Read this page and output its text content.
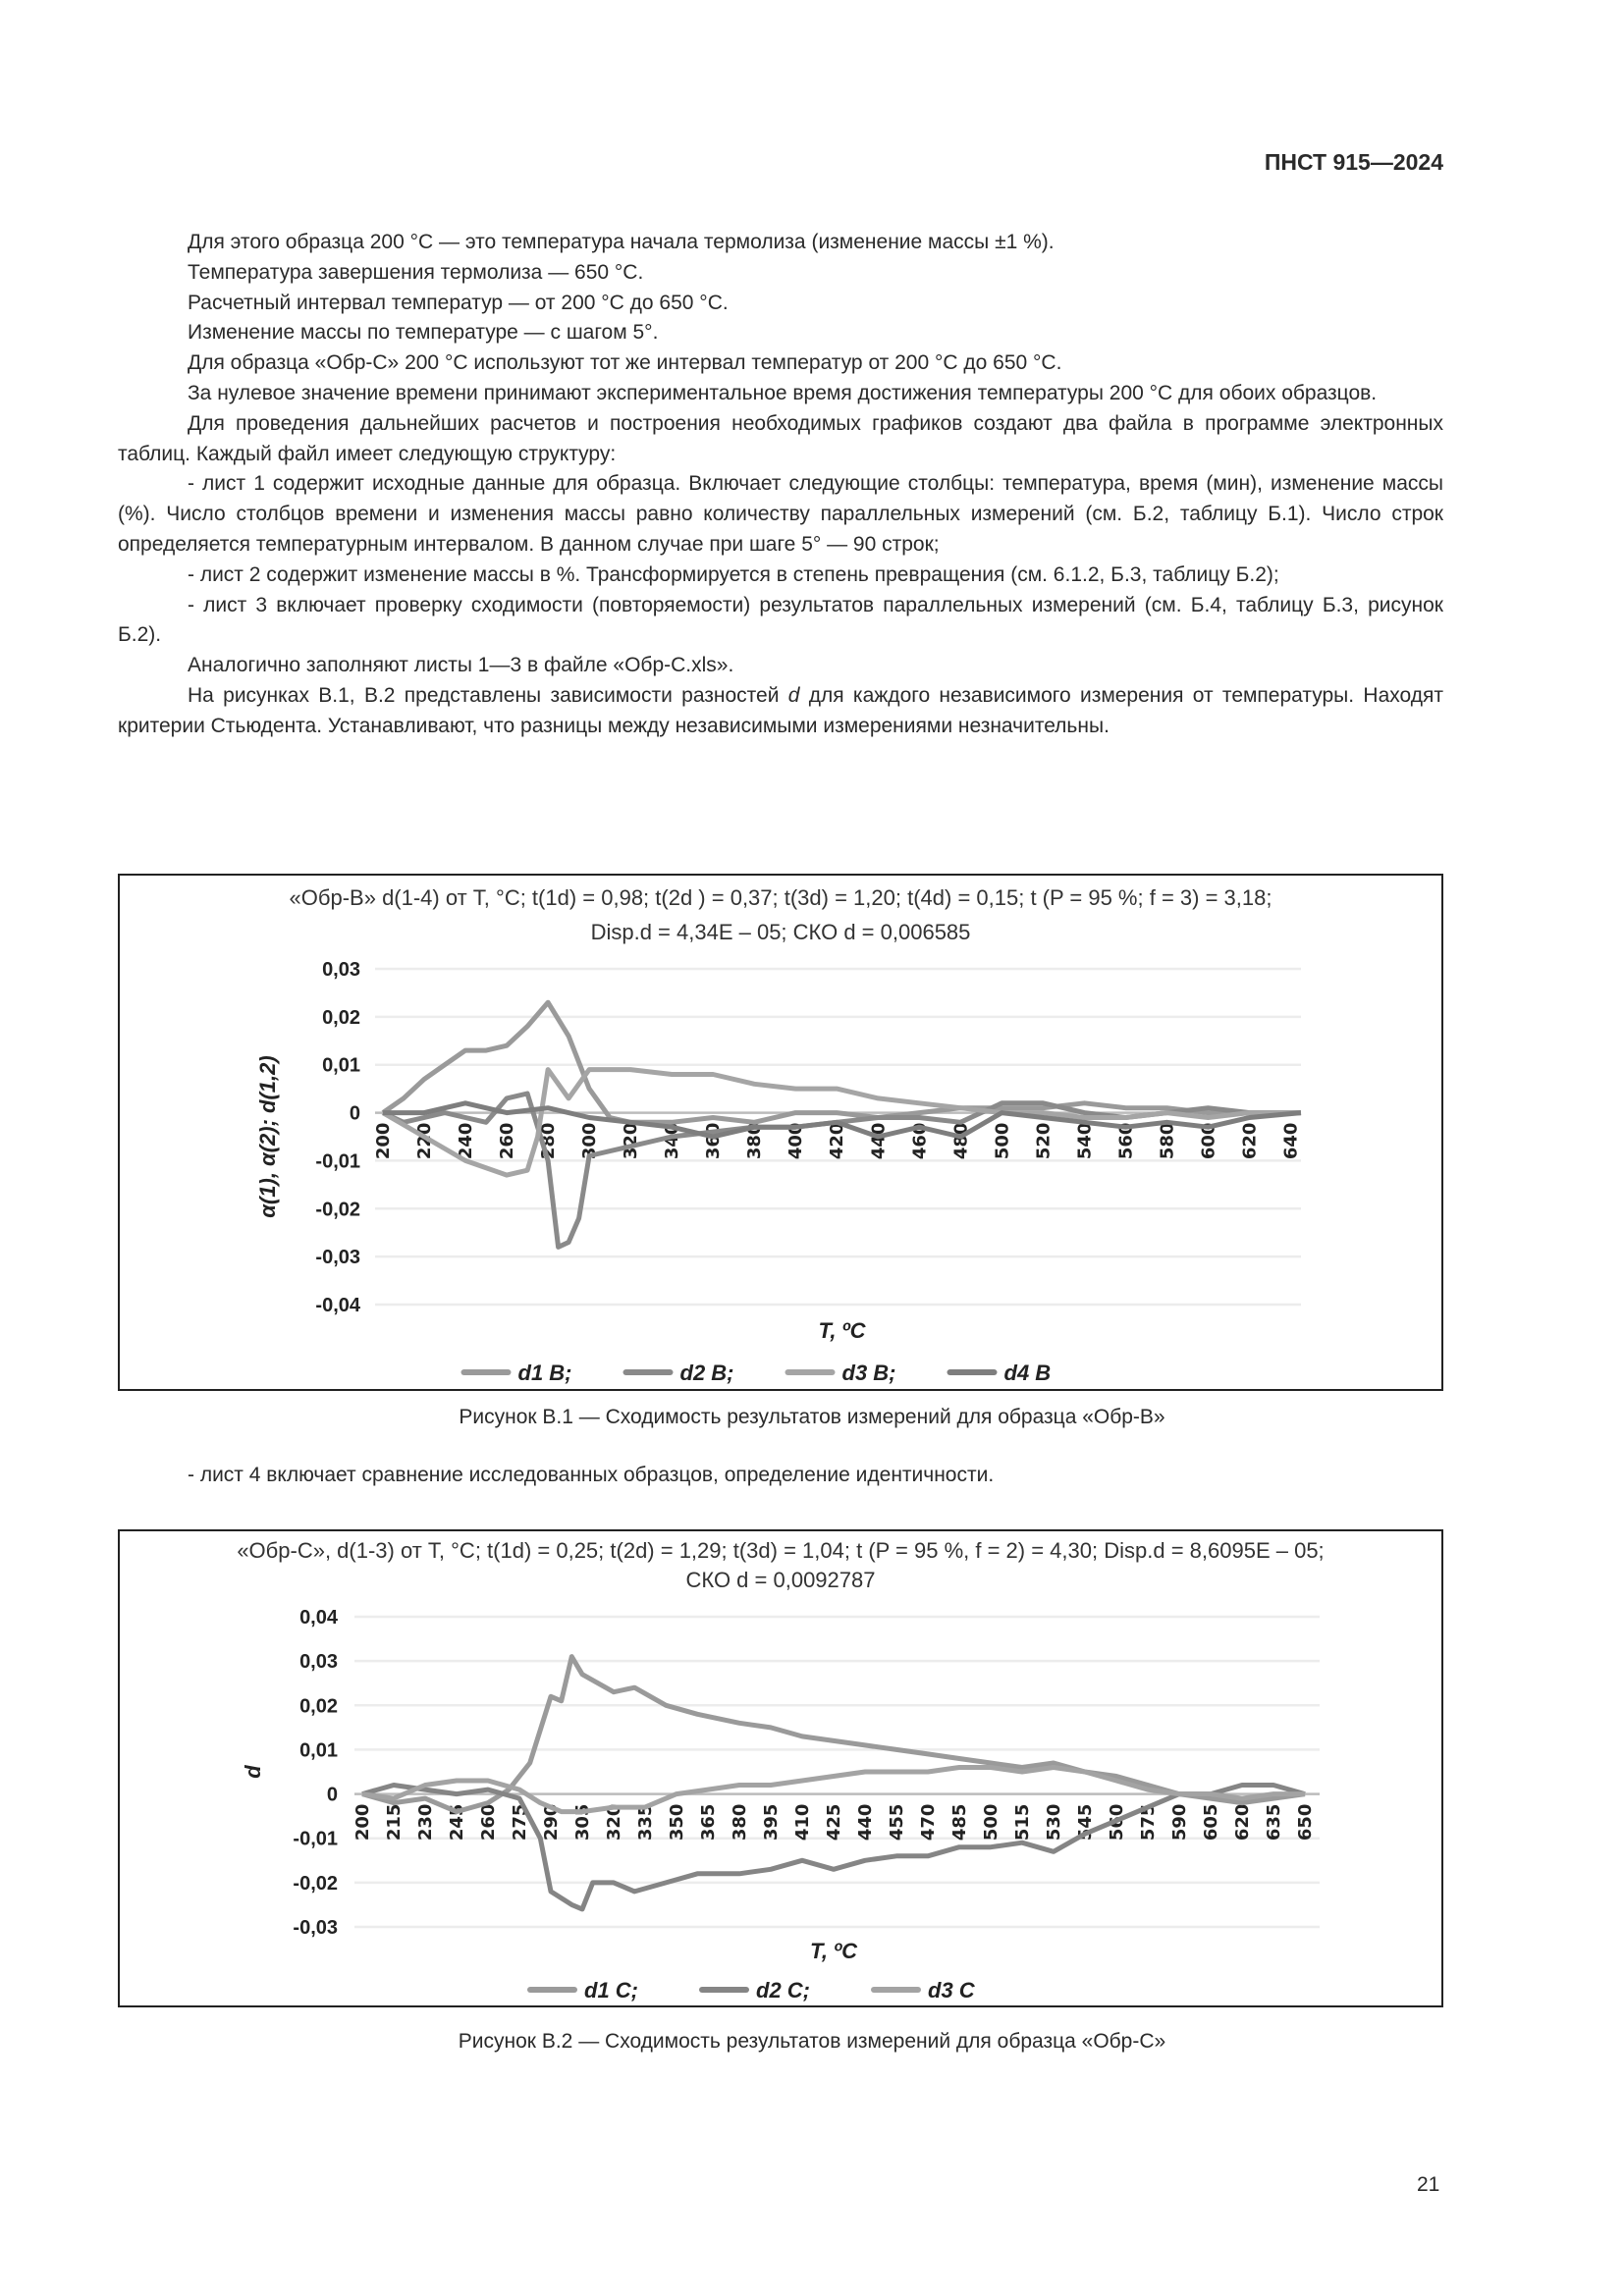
ПНСТ 915—2024

Для этого образца 200 °С — это температура начала термолиза (изменение массы ±1 %).

Температура завершения термолиза — 650 °С.

Расчетный интервал температур — от 200 °С до 650 °С.

Изменение массы по температуре — с шагом 5°.

Для образца «Обр-С» 200 °С используют тот же интервал температур от 200 °С до 650 °С.

За нулевое значение времени принимают экспериментальное время достижения температуры 200 °С для обоих образцов.

Для проведения дальнейших расчетов и построения необходимых графиков создают два файла в программе электронных таблиц. Каждый файл имеет следующую структуру:

- лист 1 содержит исходные данные для образца. Включает следующие столбцы: температура, время (мин), изменение массы (%). Число столбцов времени и изменения массы равно количеству параллельных измерений (см. Б.2, таблицу Б.1). Число строк определяется температурным интервалом. В данном случае при шаге 5° — 90 строк;

- лист 2 содержит изменение массы в %. Трансформируется в степень превращения (см. 6.1.2, Б.3, таблицу Б.2);

- лист 3 включает проверку сходимости (повторяемости) результатов параллельных измерений (см. Б.4, таблицу Б.3, рисунок Б.2).

Аналогично заполняют листы 1—3 в файле «Обр-С.xls».

На рисунках В.1, В.2 представлены зависимости разностей d для каждого независимого измерения от температуры. Находят критерии Стьюдента. Устанавливают, что разницы между независимыми измерениями незначительны.

«Обр-В» d(1-4) от T, °C; t(1d) = 0,98; t(2d ) = 0,37; t(3d) = 1,20; t(4d) = 0,15; t (P = 95 %; f = 3) = 3,18;
Disp.d = 4,34E – 05; СКО d = 0,006585
0,03
0,02
0,01
0
-0,01
-0,02
-0,03
-0,04
200 220 240 260 280 300 320 340 360 380 400 420 440 460 480 500 520 540 560 580 600 620 640
T, ºC
α(1), α(2); d(1,2)
d1 B;	d2 B;	d3 B;	d4 B
Рисунок В.1 — Сходимость результатов измерений для образца «Обр-В»
- лист 4 включает сравнение исследованных образцов, определение идентичности.
«Обр-С», d(1-3) от T, °C; t(1d) = 0,25; t(2d) = 1,29; t(3d) = 1,04; t (P = 95 %, f = 2) = 4,30; Disp.d = 8,6095E – 05;
СКО d = 0,0092787
0,04
0,03
0,02
0,01
0
-0,01
-0,02
-0,03
200 215 230 245 260 275 290 305 320 335 350 365 380 395 410 425 440 455 470 485 500 515 530 545 560 575 590 605 620 635 650
T, ºC
d
d1 C;	d2 C;	d3 C
Рисунок В.2 — Сходимость результатов измерений для образца «Обр-С»
21
